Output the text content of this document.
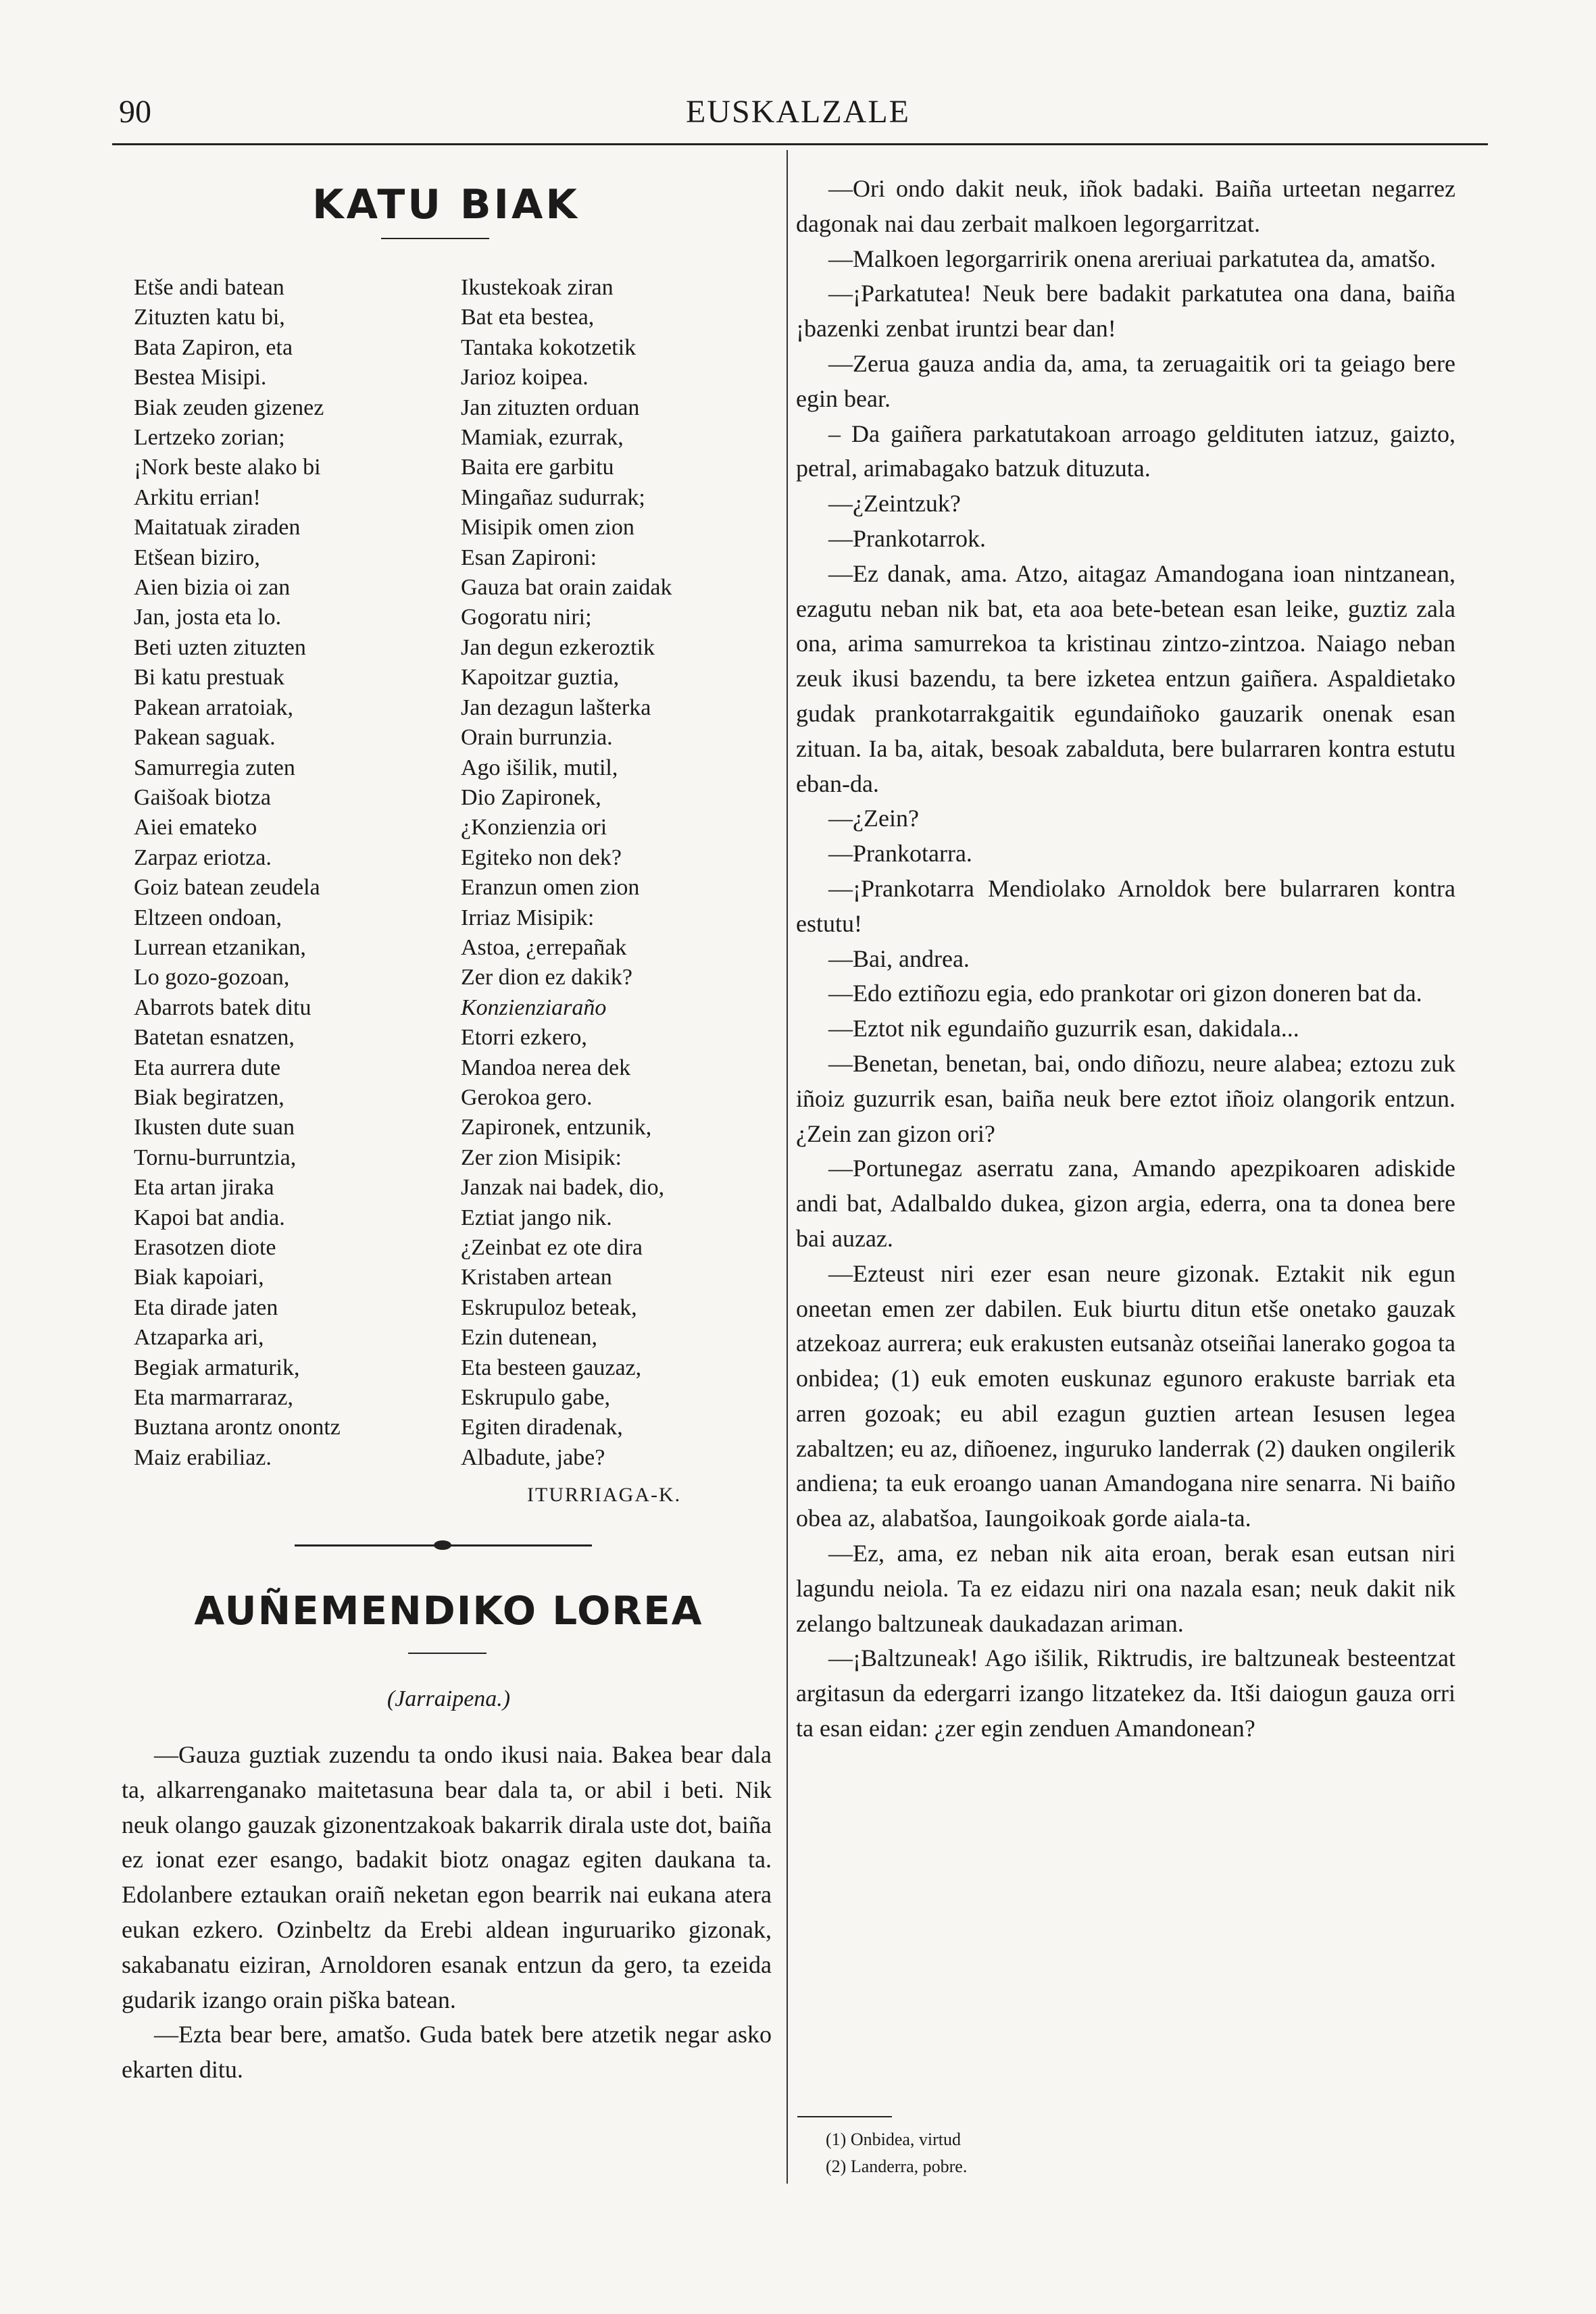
90	EUSKALZALE
KATU BIAK
Etše andi batean
Zituzten katu bi,
Bata Zapiron, eta
Bestea Misipi.
Biak zeuden gizenez
Lertzeko zorian;
¡Nork beste alako bi
Arkitu errian!
Maitatuak ziraden
Etšean biziro,
Aien bizia oi zan
Jan, josta eta lo.
Beti uzten zituzten
Bi katu prestuak
Pakean arratoiak,
Pakean saguak.
Samurregia zuten
Gaišoak biotza
Aiei emateko
Zarpaz eriotza.
Goiz batean zeudela
Eltzeen ondoan,
Lurrean etzanikan,
Lo gozo-gozoan,
Abarrots batek ditu
Batetan esnatzen,
Eta aurrera dute
Biak begiratzen,
Ikusten dute suan
Tornu-burruntzia,
Eta artan jiraka
Kapoi bat andia.
Erasotzen diote
Biak kapoiari,
Eta dirade jaten
Atzaparka ari,
Begiak armaturik,
Eta marmarraraz,
Buztana arontz onontz
Maiz erabiliaz.
Ikustekoak ziran
Bat eta bestea,
Tantaka kokotzetik
Jarioz koipea.
Jan zituzten orduan
Mamiak, ezurrak,
Baita ere garbitu
Mingañaz sudurrak;
Misipik omen zion
Esan Zapironi:
Gauza bat orain zaidak
Gogoratu niri;
Jan degun ezkeroztik
Kapoitzar guztia,
Jan dezagun lašterka
Orain burrunzia.
Ago išilik, mutil,
Dio Zapironek,
¿Konzienzia ori
Egiteko non dek?
Eranzun omen zion
Irriaz Misipik:
Astoa, ¿errepañak
Zer dion ez dakik?
Konzienziaraño
Etorri ezkero,
Mandoa nerea dek
Gerokoa gero.
Zapironek, entzunik,
Zer zion Misipik:
Janzak nai badek, dio,
Eztiat jango nik.
¿Zeinbat ez ote dira
Kristaben artean
Eskrupuloz beteak,
Ezin dutenean,
Eta besteen gauzaz,
Eskrupulo gabe,
Egiten diradenak,
Albadute, jabe?
ITURRIAGA-K.
AUÑEMENDIKO LOREA
(Jarraipena.)

—Gauza guztiak zuzendu ta ondo ikusi naia. Bakea bear dala ta, alkarrenganako maitetasuna bear dala ta, or abil i beti. Nik neuk olango gauzak gizonentzakoak bakarrik dirala uste dot, baiña ez ionat ezer esango, badakit biotz onagaz egiten daukana ta. Edolanbere eztaukan oraiñ neketan egon bearrik nai eukana atera eukan ezkero. Ozinbeltz da Erebi aldean inguruariko gizonak, sakabanatu eiziran, Arnoldoren esanak entzun da gero, ta ezeida gudarik izango orain piška batean.

—Ezta bear bere, amatšo. Guda batek bere atzetik negar asko ekarten ditu.

—Ori ondo dakit neuk, iñok badaki. Baiña urteetan negarrez dagonak nai dau zerbait malkoen legorgarritzat.

—Malkoen legorgarririk onena areriuai parkatutea da, amatšo.

—¡Parkatutea! Neuk bere badakit parkatutea ona dana, baiña ¡bazenki zenbat iruntzi bear dan!

—Zerua gauza andia da, ama, ta zeruagaitik ori ta geiago bere egin bear.

– Da gaiñera parkatutakoan arroago geldituten iatzuz, gaizto, petral, arimabagako batzuk dituzuta.

—¿Zeintzuk?

—Prankotarrok.

—Ez danak, ama. Atzo, aitagaz Amandogana ioan nintzanean, ezagutu neban nik bat, eta aoa bete-betean esan leike, guztiz zala ona, arima samurrekoa ta kristinau zintzo-zintzoa. Naiago neban zeuk ikusi bazendu, ta bere izketea entzun gaiñera. Aspaldietako gudak prankotarrakgaitik egundaiñoko gauzarik onenak esan zituan. Ia ba, aitak, besoak zabalduta, bere bularraren kontra estutu eban-da.

—¿Zein?

—Prankotarra.

—¡Prankotarra Mendiolako Arnoldok bere bularraren kontra estutu!

—Bai, andrea.

—Edo eztiñozu egia, edo prankotar ori gizon doneren bat da.

—Eztot nik egundaiño guzurrik esan, dakidala...

—Benetan, benetan, bai, ondo diñozu, neure alabea; eztozu zuk iñoiz guzurrik esan, baiña neuk bere eztot iñoiz olangorik entzun. ¿Zein zan gizon ori?

—Portunegaz aserratu zana, Amando apezpikoaren adiskide andi bat, Adalbaldo dukea, gizon argia, ederra, ona ta donea bere bai auzaz.

—Ezteust niri ezer esan neure gizonak. Eztakit nik egun oneetan emen zer dabilen. Euk biurtu ditun etše onetako gauzak atzekoaz aurrera; euk erakusten eutsanàz otseiñai lanerako gogoa ta onbidea; (1) euk emoten euskunaz egunoro erakuste barriak eta arren gozoak; eu abil ezagun guztien artean Iesusen legea zabaltzen; eu az, diñoenez, inguruko landerrak (2) dauken ongilerik andiena; ta euk eroango uanan Amandogana nire senarra. Ni baiño obea az, alabatšoa, Iaungoikoak gorde aiala-ta.

—Ez, ama, ez neban nik aita eroan, berak esan eutsan niri lagundu neiola. Ta ez eidazu niri ona nazala esan; neuk dakit nik zelango baltzuneak daukadazan ariman.

—¡Baltzuneak! Ago išilik, Riktrudis, ire baltzuneak besteentzat argitasun da edergarri izango litzatekez da. Itši daiogun gauza orri ta esan eidan: ¿zer egin zenduen Amandonean?

(1) Onbidea, virtud
(2) Landerra, pobre.
